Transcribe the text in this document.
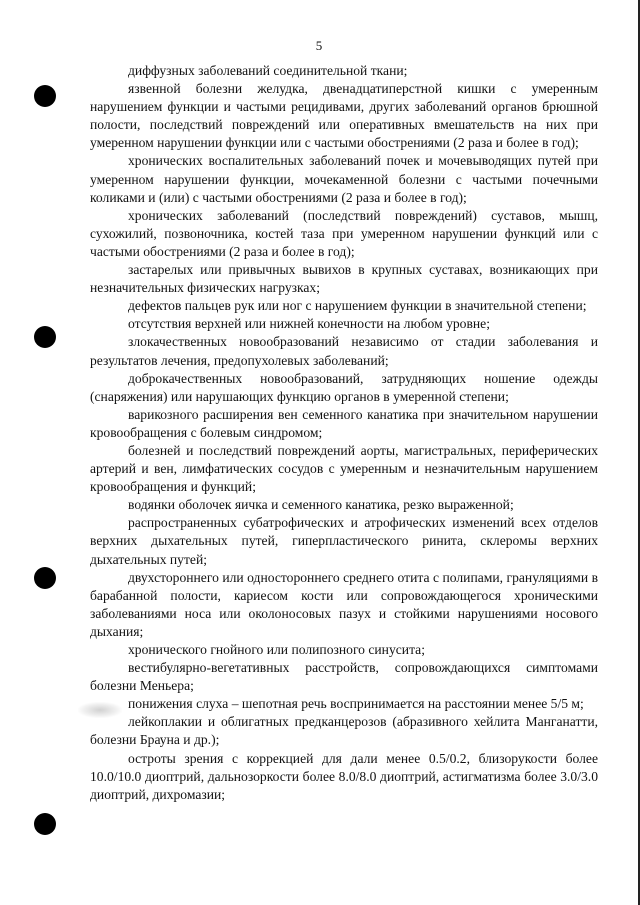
5

диффузных заболеваний соединительной ткани;

язвенной болезни желудка, двенадцатиперстной кишки с умеренным нарушением функции и частыми рецидивами, других заболеваний органов брюшной полости, последствий повреждений или оперативных вмешательств на них при умеренном нарушении функции или с частыми обострениями (2 раза и более в год);

хронических воспалительных заболеваний почек и мочевыводящих путей при умеренном нарушении функции, мочекаменной болезни с частыми почечными коликами и (или) с частыми обострениями (2 раза и более в год);

хронических заболеваний (последствий повреждений) суставов, мышц, сухожилий, позвоночника, костей таза при умеренном нарушении функций или с частыми обострениями (2 раза и более в год);

застарелых или привычных вывихов в крупных суставах, возникающих при незначительных физических нагрузках;

дефектов пальцев рук или ног с нарушением функции в значительной степени;

отсутствия верхней или нижней конечности на любом уровне;

злокачественных новообразований независимо от стадии заболевания и результатов лечения, предопухолевых заболеваний;

доброкачественных новообразований, затрудняющих ношение одежды (снаряжения) или нарушающих функцию органов в умеренной степени;

варикозного расширения вен семенного канатика при значительном нарушении кровообращения с болевым синдромом;

болезней и последствий повреждений аорты, магистральных, периферических артерий и вен, лимфатических сосудов с умеренным и незначительным нарушением кровообращения и функций;

водянки оболочек яичка и семенного канатика, резко выраженной;

распространенных субатрофических и атрофических изменений всех отделов верхних дыхательных путей, гиперпластического ринита, склеромы верхних дыхательных путей;

двухстороннего или одностороннего среднего отита с полипами, грануляциями в барабанной полости, кариесом кости или сопровождающегося хроническими заболеваниями носа или околоносовых пазух и стойкими нарушениями носового дыхания;

хронического гнойного или полипозного синусита;

вестибулярно-вегетативных расстройств, сопровождающихся симптомами болезни Меньера;

понижения слуха – шепотная речь воспринимается на расстоянии менее 5/5 м;

лейкоплакии и облигатных предканцерозов (абразивного хейлита Манганатти, болезни Брауна и др.);

остроты зрения с коррекцией для дали менее 0.5/0.2, близорукости более 10.0/10.0 диоптрий, дальнозоркости более 8.0/8.0 диоптрий, астигматизма более 3.0/3.0 диоптрий, дихромазии;
